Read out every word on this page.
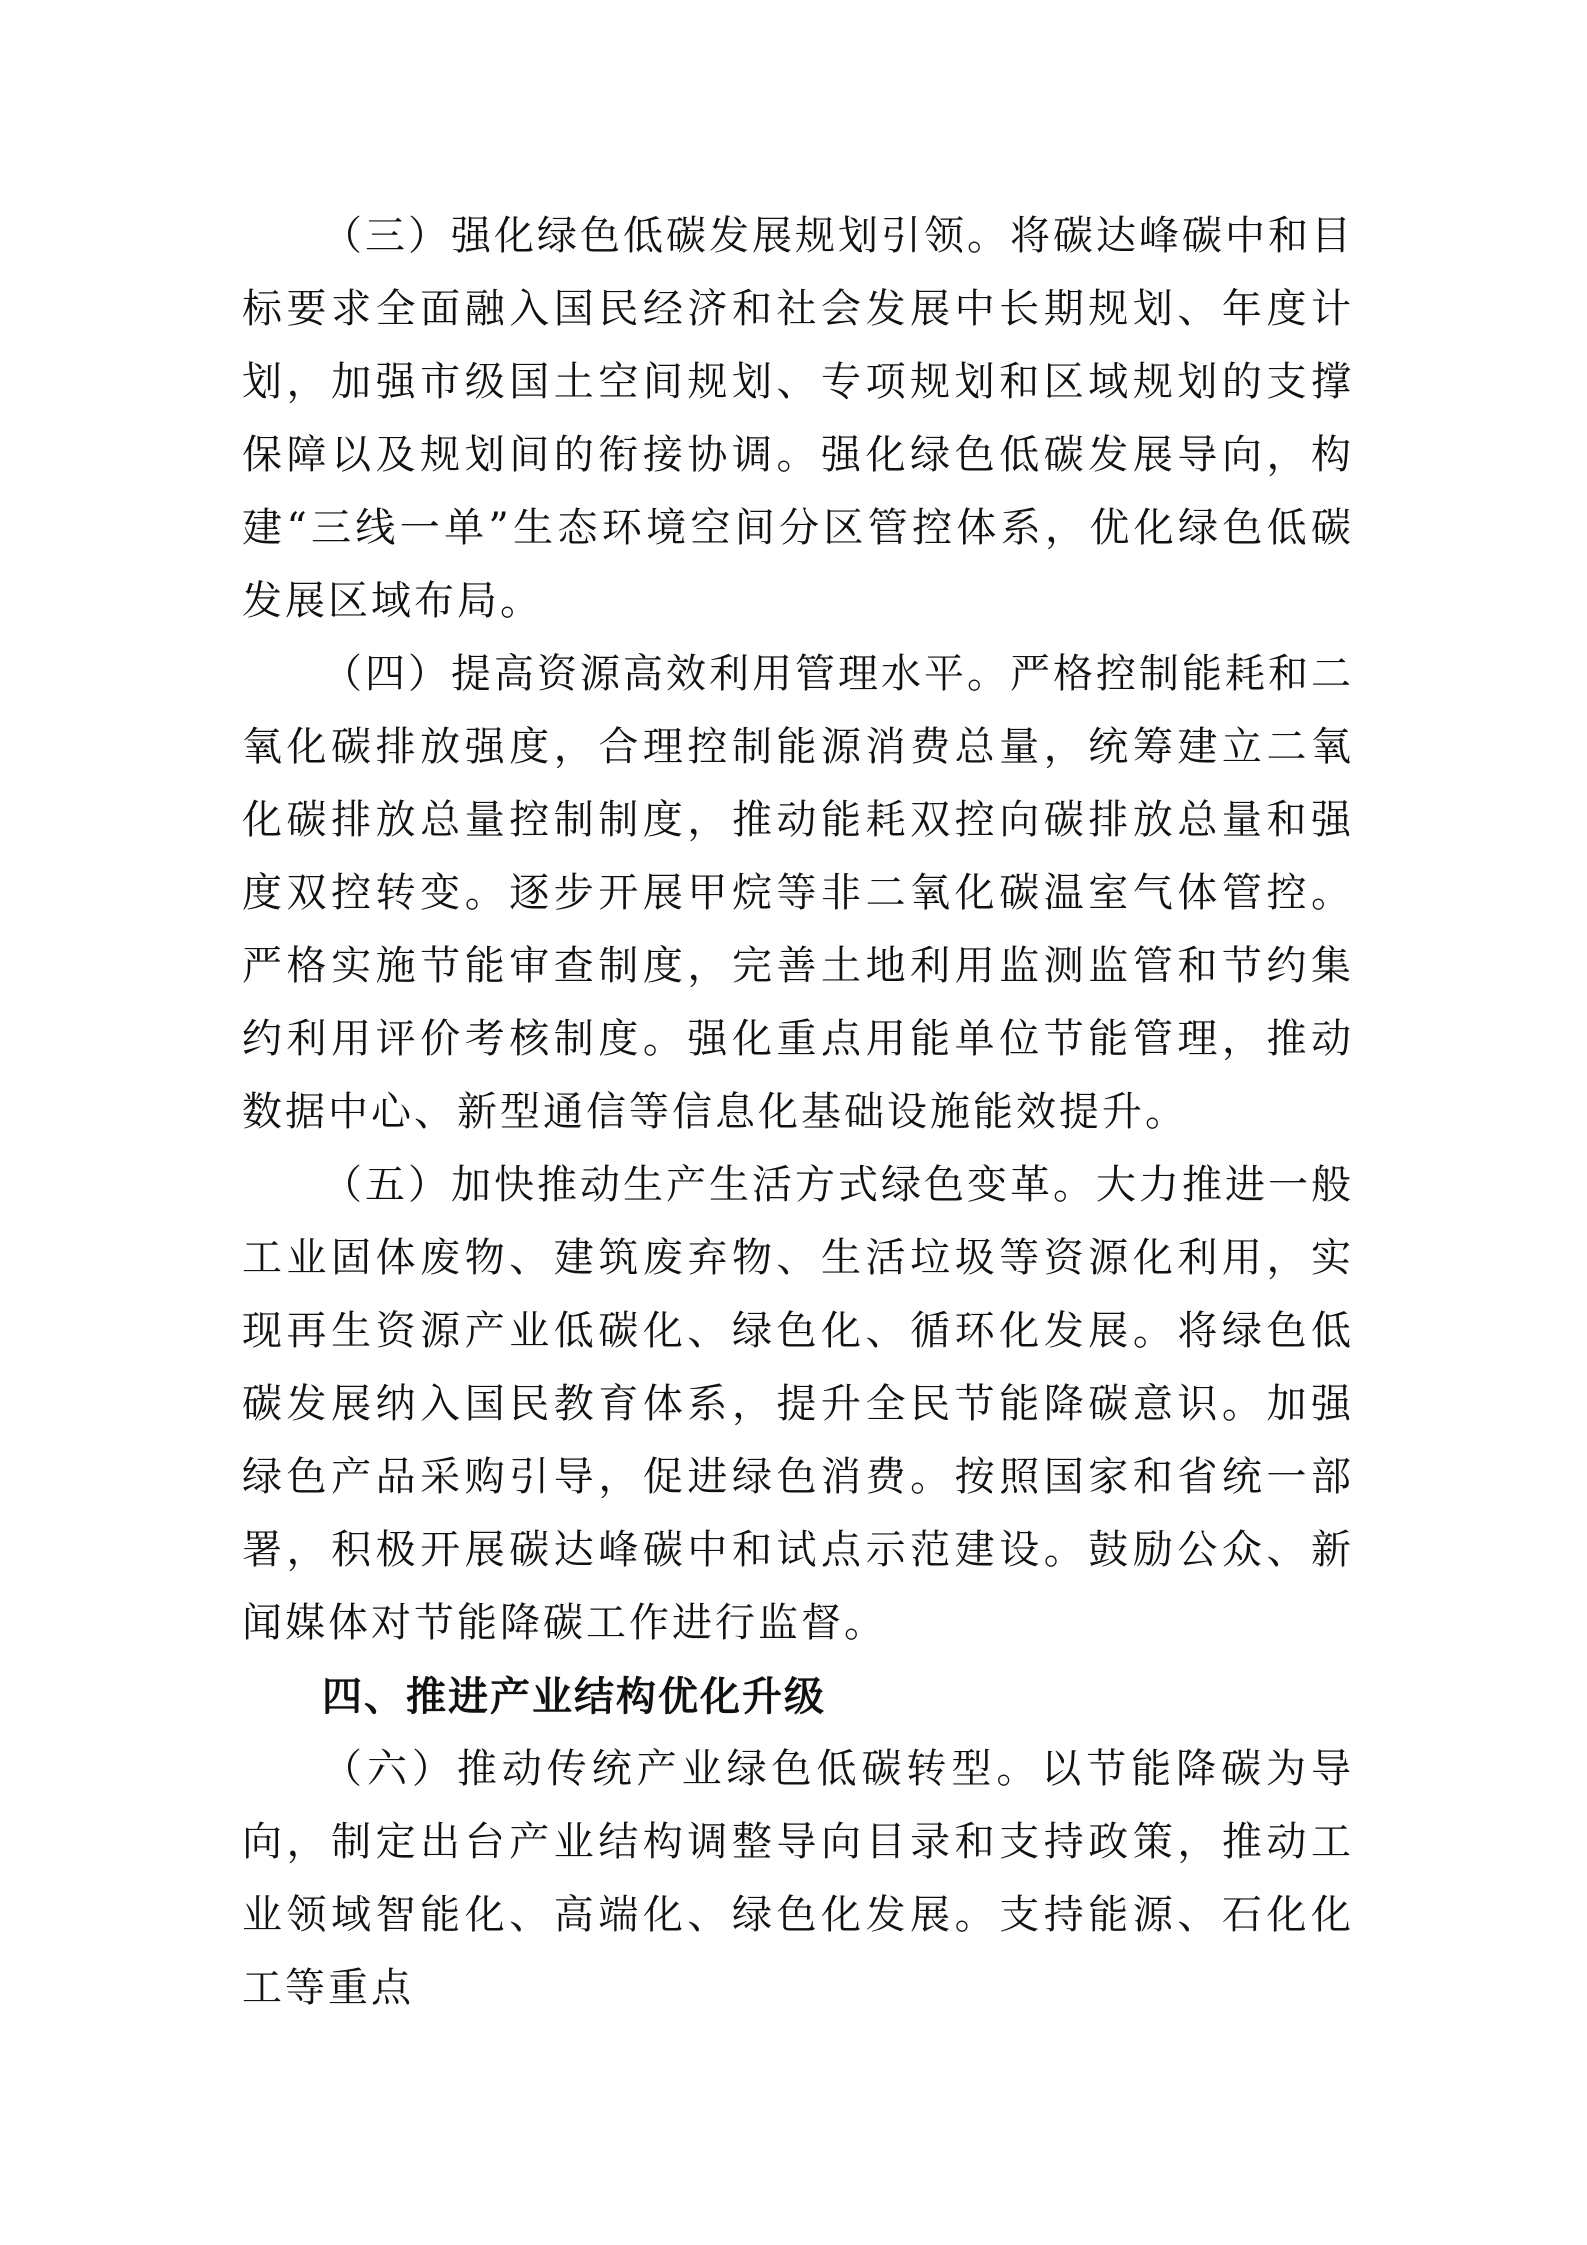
（三）强化绿色低碳发展规划引领。将碳达峰碳中和目标要求全面融入国民经济和社会发展中长期规划、年度计划，加强市级国土空间规划、专项规划和区域规划的支撑保障以及规划间的衔接协调。强化绿色低碳发展导向，构建“三线一单”生态环境空间分区管控体系，优化绿色低碳发展区域布局。

（四）提高资源高效利用管理水平。严格控制能耗和二氧化碳排放强度，合理控制能源消费总量，统筹建立二氧化碳排放总量控制制度，推动能耗双控向碳排放总量和强度双控转变。逐步开展甲烷等非二氧化碳温室气体管控。严格实施节能审查制度，完善土地利用监测监管和节约集约利用评价考核制度。强化重点用能单位节能管理，推动数据中心、新型通信等信息化基础设施能效提升。

（五）加快推动生产生活方式绿色变革。大力推进一般工业固体废物、建筑废弃物、生活垃圾等资源化利用，实现再生资源产业低碳化、绿色化、循环化发展。将绿色低碳发展纳入国民教育体系，提升全民节能降碳意识。加强绿色产品采购引导，促进绿色消费。按照国家和省统一部署，积极开展碳达峰碳中和试点示范建设。鼓励公众、新闻媒体对节能降碳工作进行监督。

四、推进产业结构优化升级

（六）推动传统产业绿色低碳转型。以节能降碳为导向，制定出台产业结构调整导向目录和支持政策，推动工业领域智能化、高端化、绿色化发展。支持能源、石化化工等重点
